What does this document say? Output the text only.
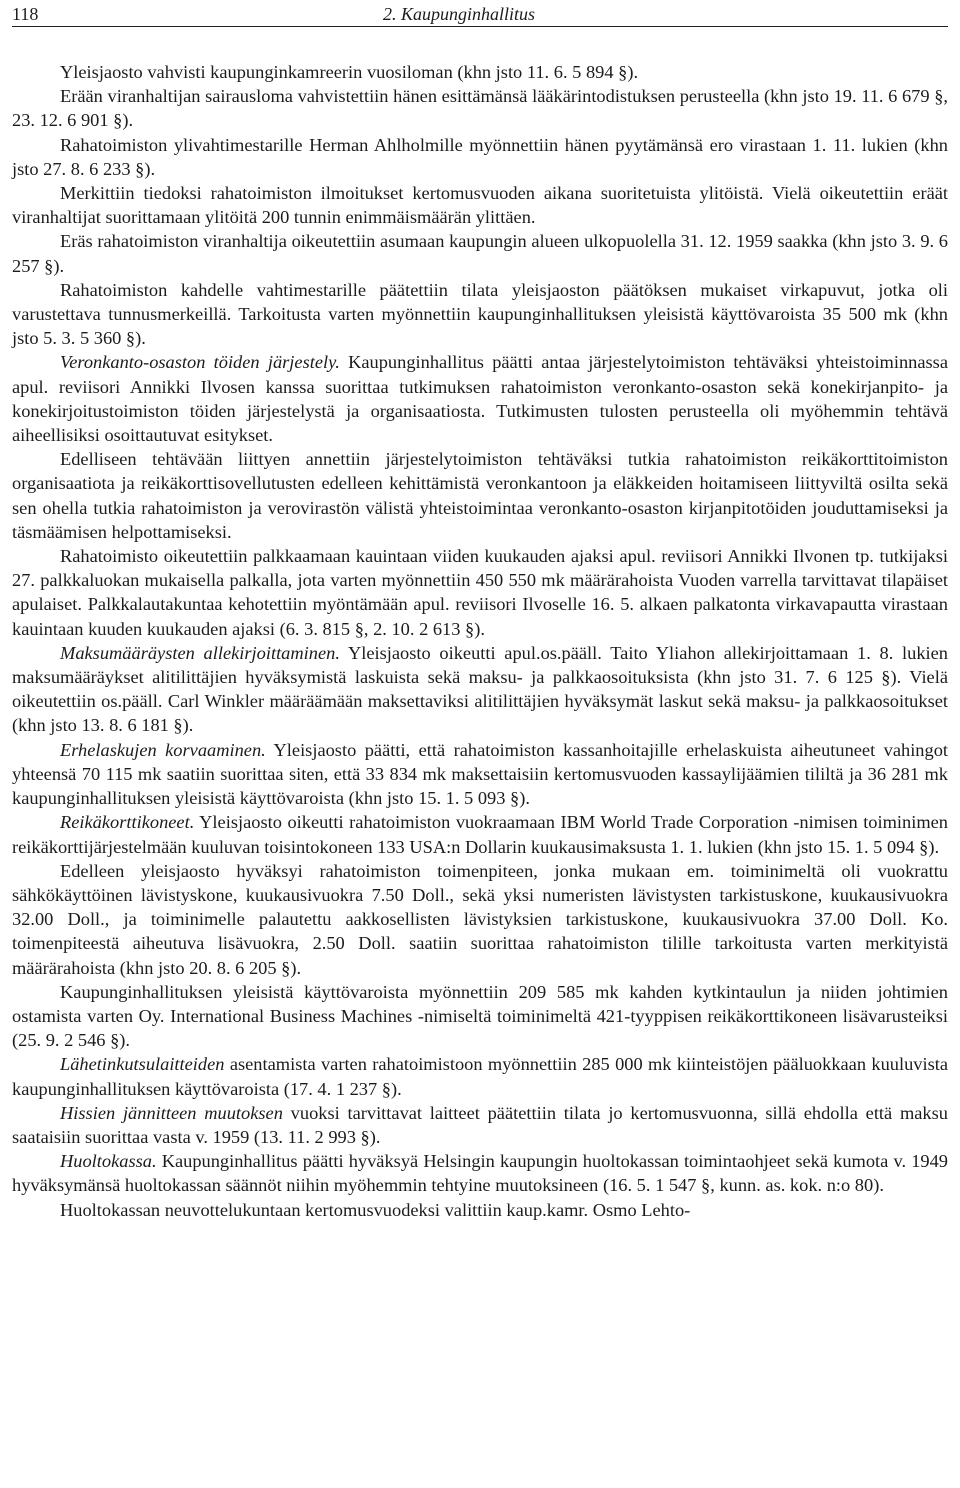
118	2. Kaupunginhallitus

Yleisjaosto vahvisti kaupunginkamreerin vuosiloman (khn jsto 11. 6. 5 894 §).

Erään viranhaltijan sairausloma vahvistettiin hänen esittämänsä lääkärintodistuksen perusteella (khn jsto 19. 11. 6 679 §, 23. 12. 6 901 §).

Rahatoimiston ylivahtimestarille Herman Ahlholmille myönnettiin hänen pyytämänsä ero virastaan 1. 11. lukien (khn jsto 27. 8. 6 233 §).

Merkittiin tiedoksi rahatoimiston ilmoitukset kertomusvuoden aikana suoritetuista ylitöistä. Vielä oikeutettiin eräät viranhaltijat suorittamaan ylitöitä 200 tunnin enimmäismäärän ylittäen.

Eräs rahatoimiston viranhaltija oikeutettiin asumaan kaupungin alueen ulkopuolella 31. 12. 1959 saakka (khn jsto 3. 9. 6 257 §).

Rahatoimiston kahdelle vahtimestarille päätettiin tilata yleisjaoston päätöksen mukaiset virkapuvut, jotka oli varustettava tunnusmerkeillä. Tarkoitusta varten myönnettiin kaupunginhallituksen yleisistä käyttövaroista 35 500 mk (khn jsto 5. 3. 5 360 §).

Veronkanto-osaston töiden järjestely. Kaupunginhallitus päätti antaa järjestelytoimiston tehtäväksi yhteistoiminnassa apul. reviisori Annikki Ilvosen kanssa suorittaa tutkimuksen rahatoimiston veronkanto-osaston sekä konekirjanpito- ja konekirjoitustoimiston töiden järjestelystä ja organisaatiosta. Tutkimusten tulosten perusteella oli myöhemmin tehtävä aiheellisiksi osoittautuvat esitykset.

Edelliseen tehtävään liittyen annettiin järjestelytoimiston tehtäväksi tutkia rahatoimiston reikäkorttitoimiston organisaatiota ja reikäkorttisovellutusten edelleen kehittämistä veronkantoon ja eläkkeiden hoitamiseen liittyviltä osilta sekä sen ohella tutkia rahatoimiston ja verovirastön välistä yhteistoimintaa veronkanto-osaston kirjanpitotöiden jouduttamiseksi ja täsmäämisen helpottamiseksi.

Rahatoimisto oikeutettiin palkkaamaan kauintaan viiden kuukauden ajaksi apul. reviisori Annikki Ilvonen tp. tutkijaksi 27. palkkaluokan mukaisella palkalla, jota varten myönnettiin 450 550 mk määrärahoista Vuoden varrella tarvittavat tilapäiset apulaiset. Palkkalautakuntaa kehotettiin myöntämään apul. reviisori Ilvoselle 16. 5. alkaen palkatonta virkavapautta virastaan kauintaan kuuden kuukauden ajaksi (6. 3. 815 §, 2. 10. 2 613 §).

Maksumääräysten allekirjoittaminen. Yleisjaosto oikeutti apul.os.pääll. Taito Yliahon allekirjoittamaan 1. 8. lukien maksumääräykset alitilittäjien hyväksymistä laskuista sekä maksu- ja palkkaosoituksista (khn jsto 31. 7. 6 125 §). Vielä oikeutettiin os.pääll. Carl Winkler määräämään maksettaviksi alitilittäjien hyväksymät laskut sekä maksu- ja palkkaosoitukset (khn jsto 13. 8. 6 181 §).

Erhelaskujen korvaaminen. Yleisjaosto päätti, että rahatoimiston kassanhoitajille erhelaskuista aiheutuneet vahingot yhteensä 70 115 mk saatiin suorittaa siten, että 33 834 mk maksettaisiin kertomusvuoden kassaylijäämien tililtä ja 36 281 mk kaupunginhallituksen yleisistä käyttövaroista (khn jsto 15. 1. 5 093 §).

Reikäkorttikoneet. Yleisjaosto oikeutti rahatoimiston vuokraamaan IBM World Trade Corporation -nimisen toiminimen reikäkorttijärjestelmään kuuluvan toisintokoneen 133 USA:n Dollarin kuukausimaksusta 1. 1. lukien (khn jsto 15. 1. 5 094 §).

Edelleen yleisjaosto hyväksyi rahatoimiston toimenpiteen, jonka mukaan em. toiminimeltä oli vuokrattu sähkökäyttöinen lävistyskone, kuukausivuokra 7.50 Doll., sekä yksi numeristen lävistysten tarkistuskone, kuukausivuokra 32.00 Doll., ja toiminimelle palautettu aakkosellisten lävistyksien tarkistuskone, kuukausivuokra 37.00 Doll. Ko. toimenpiteestä aiheutuva lisävuokra, 2.50 Doll. saatiin suorittaa rahatoimiston tilille tarkoitusta varten merkityistä määrärahoista (khn jsto 20. 8. 6 205 §).

Kaupunginhallituksen yleisistä käyttövaroista myönnettiin 209 585 mk kahden kytkintaulun ja niiden johtimien ostamista varten Oy. International Business Machines -nimiseltä toiminimeltä 421-tyyppisen reikäkorttikoneen lisävarusteiksi (25. 9. 2 546 §).

Lähetinkutsulaitteiden asentamista varten rahatoimistoon myönnettiin 285 000 mk kiinteistöjen pääluokkaan kuuluvista kaupunginhallituksen käyttövaroista (17. 4. 1 237 §).

Hissien jännitteen muutoksen vuoksi tarvittavat laitteet päätettiin tilata jo kertomusvuonna, sillä ehdolla että maksu saataisiin suorittaa vasta v. 1959 (13. 11. 2 993 §).

Huoltokassa. Kaupunginhallitus päätti hyväksyä Helsingin kaupungin huoltokassan toimintaohjeet sekä kumota v. 1949 hyväksymänsä huoltokassan säännöt niihin myöhemmin tehtyine muutoksineen (16. 5. 1 547 §, kunn. as. kok. n:o 80).

Huoltokassan neuvottelukuntaan kertomusvuodeksi valittiin kaup.kamr. Osmo Lehto-
